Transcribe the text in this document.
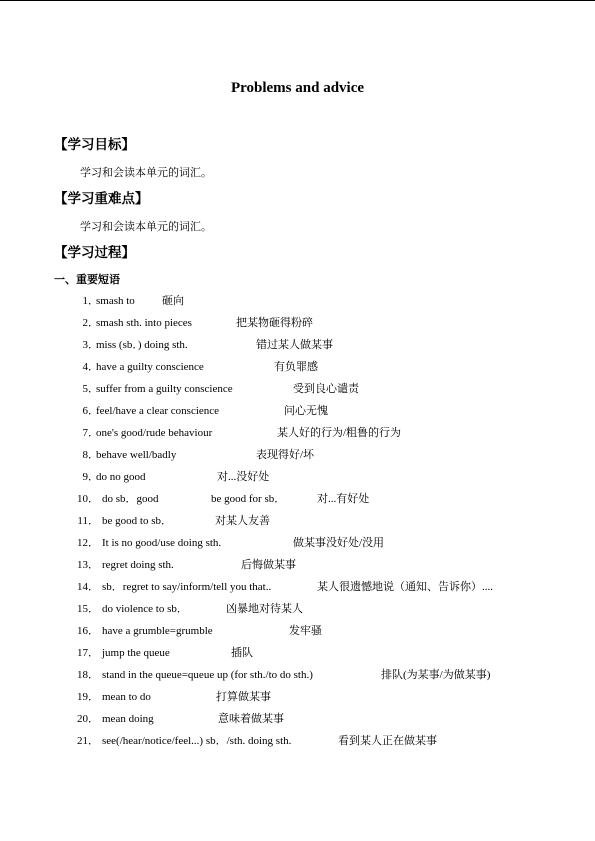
Problems and advice
【学习目标】
学习和会读本单元的词汇。
【学习重难点】
学习和会读本单元的词汇。
【学习过程】
一、重要短语
1．
smash to 砸向
2．
smash sth. into pieces	把某物砸得粉碎
3．
miss (sb．) doing sth.	错过某人做某事
4．
have a guilty conscience	有负罪感
5．
suffer from a guilty conscience	受到良心谴责
6．
feel/have a clear conscience	问心无愧
7．
one's good/rude behaviour	某人好的行为/粗鲁的行为
8．
behave well/badly	表现得好/坏
9．
do no good	对...没好处
10． do sb．good	be good for sb．	对...有好处
11． be good to sb．	对某人友善
12． It is no good/use doing sth.	做某事没好处/没用
13． regret doing sth.	后悔做某事
14． sb．regret to say/inform/tell you that..	某人很遗憾地说（通知、告诉你）....
15． do violence to sb．	凶暴地对待某人
16． have a grumble=grumble	发牢骚
17． jump the queue	插队
18． stand in the queue=queue up (for sth./to do sth.)	排队(为某事/为做某事)
19． mean to do	打算做某事
20． mean doing	意味着做某事
21． see(/hear/notice/feel...) sb．/sth. doing sth.	看到某人正在做某事
